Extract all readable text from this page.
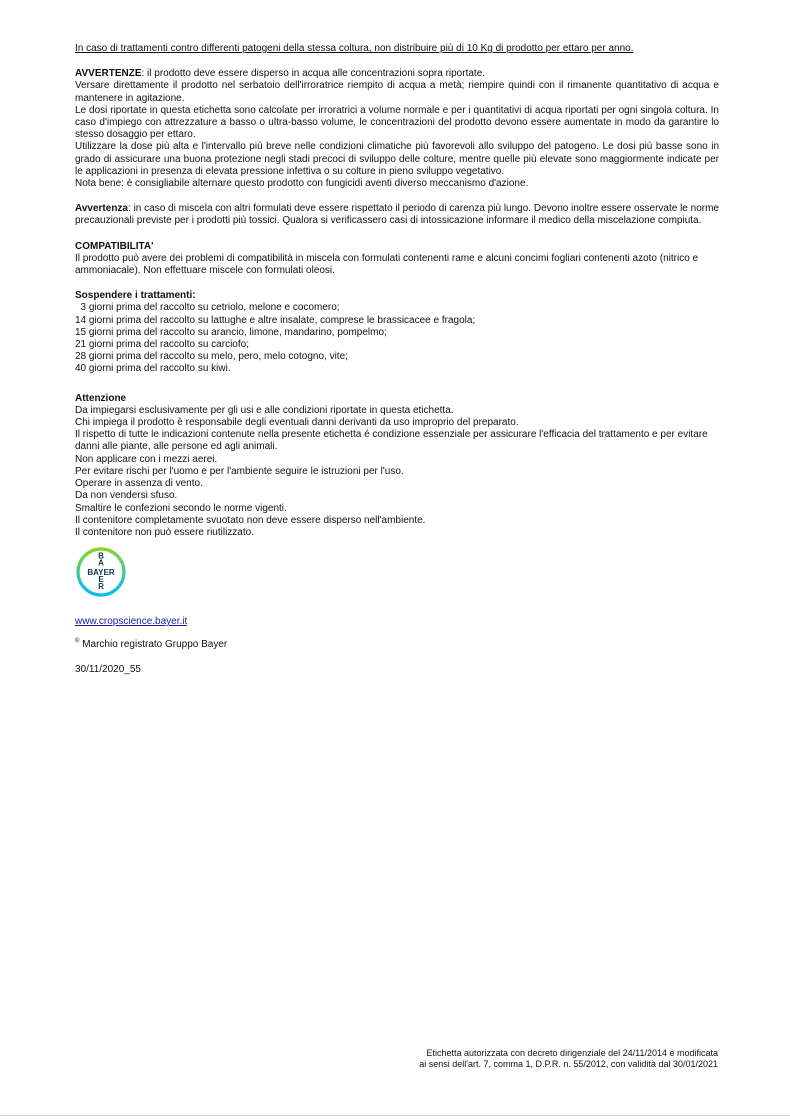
In caso di trattamenti contro differenti patogeni della stessa coltura, non distribuire più di 10 Kg di prodotto per ettaro per anno.

AVVERTENZE: il prodotto deve essere disperso in acqua alle concentrazioni sopra riportate.

Versare direttamente il prodotto nel serbatoio dell'irroratrice riempito di acqua a metà; riempire quindi con il rimanente quantitativo di acqua e mantenere in agitazione.

Le dosi riportate in questa etichetta sono calcolate per irroratrici a volume normale e per i quantitativi di acqua riportati per ogni singola coltura. In caso d'impiego con attrezzature a basso o ultra-basso volume, le concentrazioni del prodotto devono essere aumentate in modo da garantire lo stesso dosaggio per ettaro.

Utilizzare la dose più alta e l'intervallo più breve nelle condizioni climatiche più favorevoli allo sviluppo del patogeno. Le dosi più basse sono in grado di assicurare una buona protezione negli stadi precoci di sviluppo delle colture, mentre quelle più elevate sono maggiormente indicate per le applicazioni in presenza di elevata pressione infettiva o su colture in pieno sviluppo vegetativo.

Nota bene: è consigliabile alternare questo prodotto con fungicidi aventi diverso meccanismo d'azione.

Avvertenza: in caso di miscela con altri formulati deve essere rispettato il periodo di carenza più lungo. Devono inoltre essere osservate le norme precauzionali previste per i prodotti più tossici. Qualora si verificassero casi di intossicazione informare il medico della miscelazione compiuta.

COMPATIBILITA'

Il prodotto può avere dei problemi di compatibilità in miscela con formulati contenenti rame e alcuni concimi fogliari contenenti azoto (nitrico e ammoniacale). Non effettuare miscele con formulati oleosi.

Sospendere i trattamenti:

3 giorni prima del raccolto su cetriolo, melone e cocomero;

14 giorni prima del raccolto su lattughe e altre insalate, comprese le brassicacee e fragola;

15 giorni prima del raccolto su arancio, limone, mandarino, pompelmo;

21 giorni prima del raccolto su carciofo;

28 giorni prima del raccolto su melo, pero, melo cotogno, vite;

40 giorni prima del raccolto su kiwi.

Attenzione

Da impiegarsi esclusivamente per gli usi e alle condizioni riportate in questa etichetta.

Chi impiega il prodotto è responsabile degli eventuali danni derivanti da uso improprio del preparato.

Il rispetto di tutte le indicazioni contenute nella presente etichetta é condizione essenziale per assicurare l'efficacia del trattamento e per evitare danni alle piante, alle persone ed agli animali.

Non applicare con i mezzi aerei.

Per evitare rischi per l'uomo e per l'ambiente seguire le istruzioni per l'uso.

Operare in assenza di vento.

Da non vendersi sfuso.

Smaltire le confezioni secondo le norme vigenti.

Il contenitore completamente svuotato non deve essere disperso nell'ambiente.

Il contenitore non può essere riutilizzato.

B
A
E
R
BAYER

www.cropscience.bayer.it

® Marchio registrato Gruppo Bayer

30/11/2020_55

Etichetta autorizzata con decreto dirigenziale del 24/11/2014 e modificata

ai sensi dell'art. 7, comma 1, D.P.R. n. 55/2012, con validità dal 30/01/2021
